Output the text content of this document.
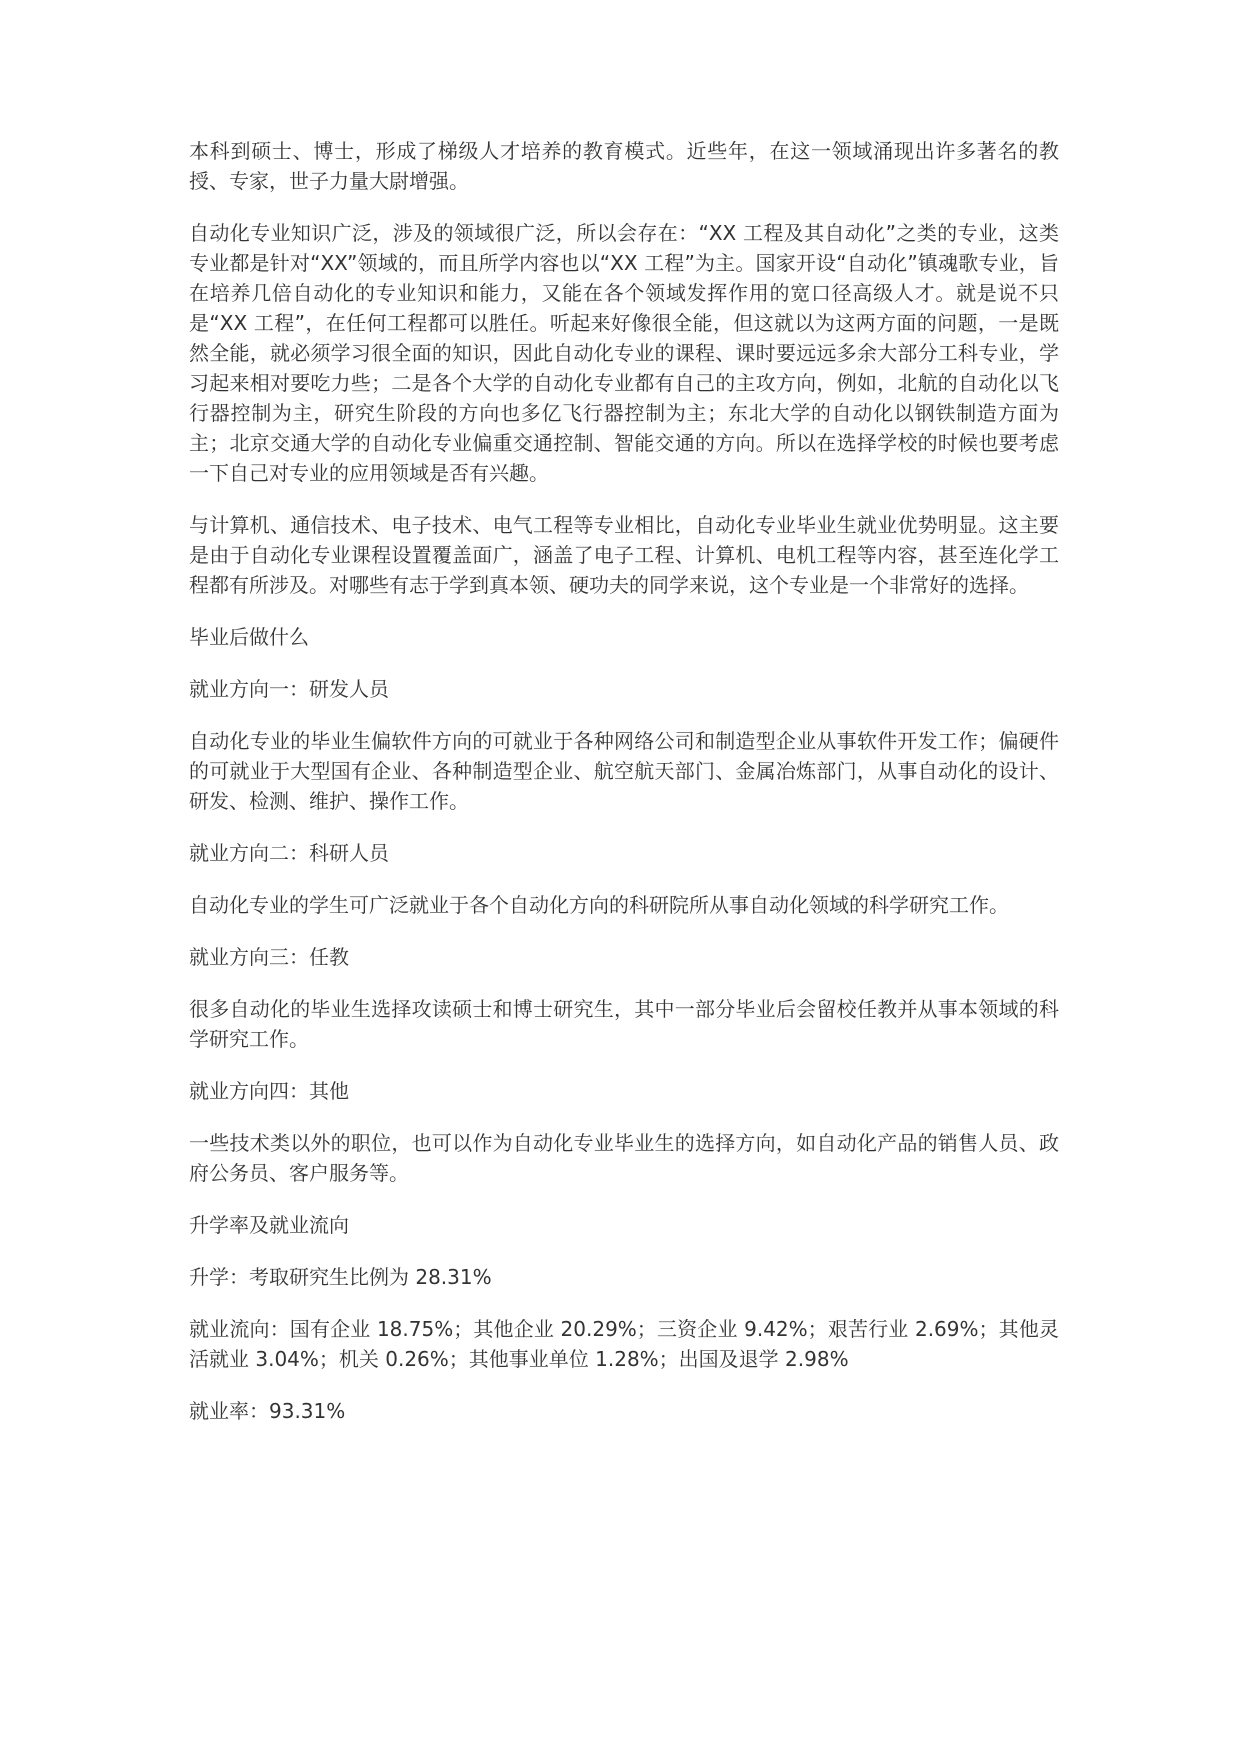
本科到硕士、博士，形成了梯级人才培养的教育模式。近些年，在这一领域涌现出许多著名的教授、专家，世子力量大尉增强。

自动化专业知识广泛，涉及的领域很广泛，所以会存在：“XX 工程及其自动化”之类的专业，这类专业都是针对“XX”领域的，而且所学内容也以“XX 工程”为主。国家开设“自动化”镇魂歌专业，旨在培养几倍自动化的专业知识和能力，又能在各个领域发挥作用的宽口径高级人才。就是说不只是“XX 工程”，在任何工程都可以胜任。听起来好像很全能，但这就以为这两方面的问题，一是既然全能，就必须学习很全面的知识，因此自动化专业的课程、课时要远远多余大部分工科专业，学习起来相对要吃力些；二是各个大学的自动化专业都有自己的主攻方向，例如，北航的自动化以飞行器控制为主，研究生阶段的方向也多亿飞行器控制为主；东北大学的自动化以钢铁制造方面为主；北京交通大学的自动化专业偏重交通控制、智能交通的方向。所以在选择学校的时候也要考虑一下自己对专业的应用领域是否有兴趣。

与计算机、通信技术、电子技术、电气工程等专业相比，自动化专业毕业生就业优势明显。这主要是由于自动化专业课程设置覆盖面广，涵盖了电子工程、计算机、电机工程等内容，甚至连化学工程都有所涉及。对哪些有志于学到真本领、硬功夫的同学来说，这个专业是一个非常好的选择。

毕业后做什么

就业方向一：研发人员

自动化专业的毕业生偏软件方向的可就业于各种网络公司和制造型企业从事软件开发工作；偏硬件的可就业于大型国有企业、各种制造型企业、航空航天部门、金属冶炼部门，从事自动化的设计、研发、检测、维护、操作工作。

就业方向二：科研人员

自动化专业的学生可广泛就业于各个自动化方向的科研院所从事自动化领域的科学研究工作。

就业方向三：任教

很多自动化的毕业生选择攻读硕士和博士研究生，其中一部分毕业后会留校任教并从事本领域的科学研究工作。

就业方向四：其他

一些技术类以外的职位，也可以作为自动化专业毕业生的选择方向，如自动化产品的销售人员、政府公务员、客户服务等。

升学率及就业流向

升学：考取研究生比例为 28.31%

就业流向：国有企业 18.75%；其他企业 20.29%；三资企业 9.42%；艰苦行业 2.69%；其他灵活就业 3.04%；机关 0.26%；其他事业单位 1.28%；出国及退学 2.98%

就业率：93.31%
